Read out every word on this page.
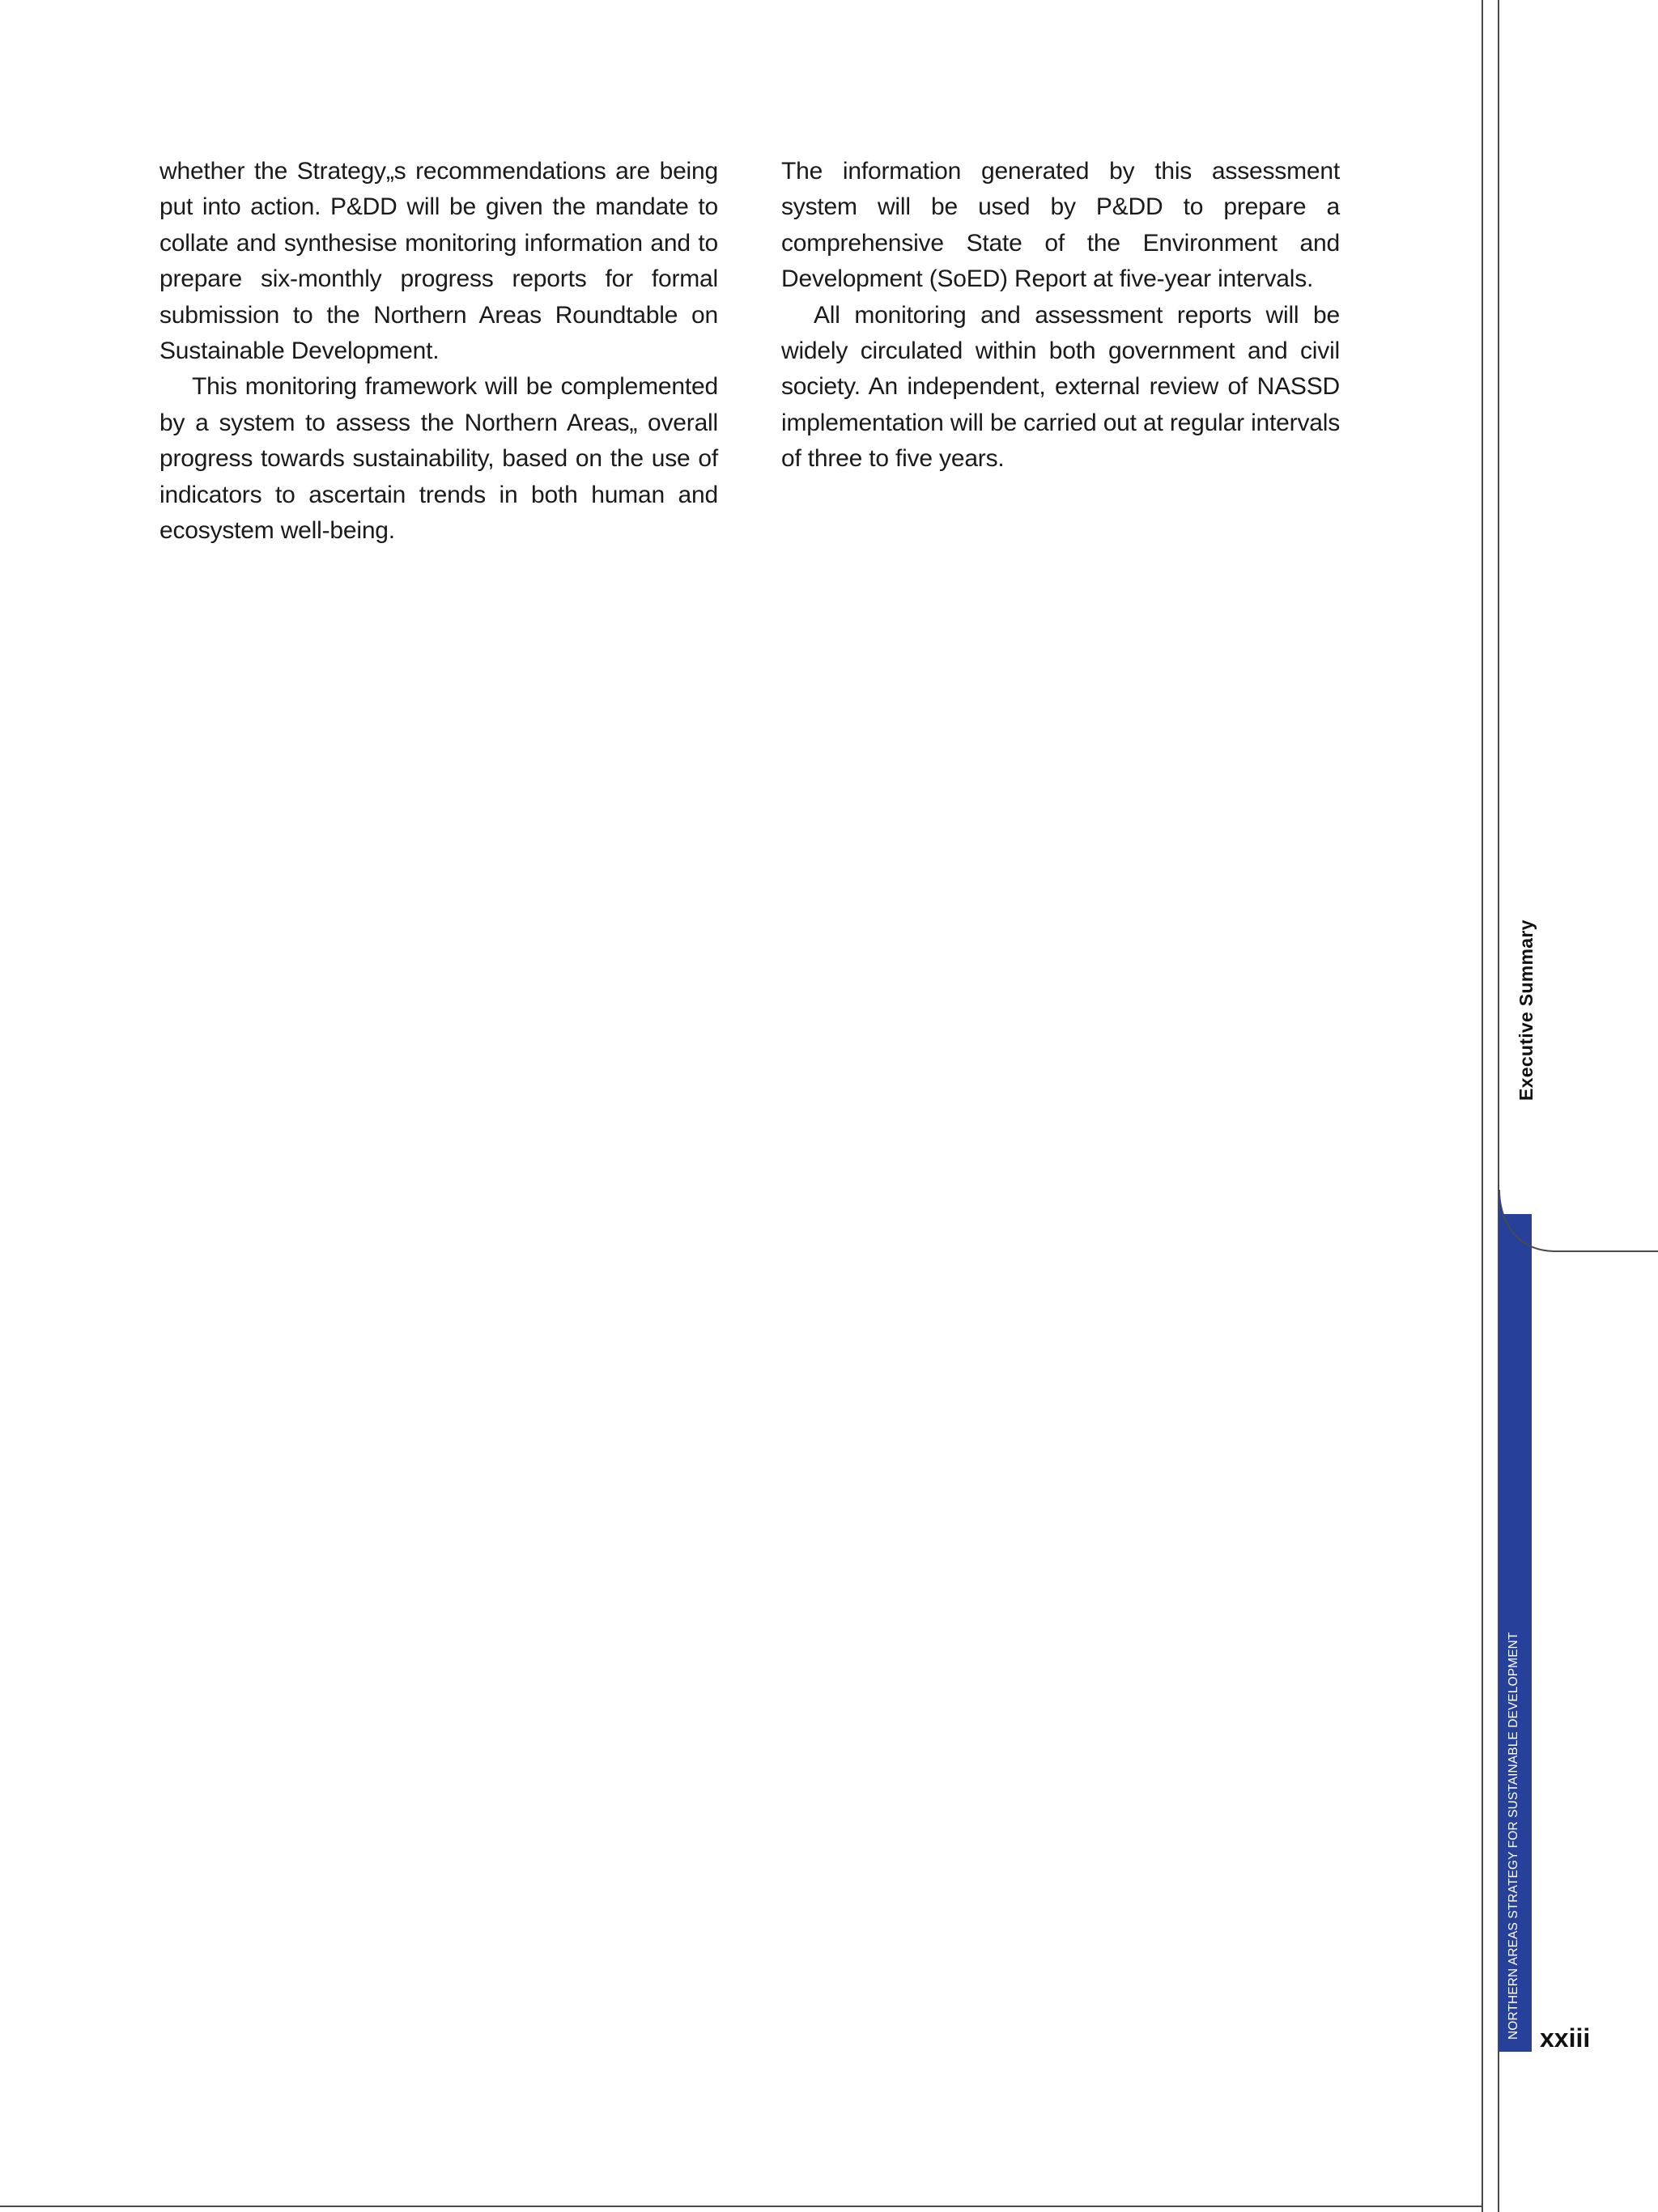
whether the Strategy„s recommendations are being put into action. P&DD will be given the mandate to collate and synthesise monitoring information and to prepare six-monthly progress reports for formal submission to the Northern Areas Roundtable on Sustainable Development.

This monitoring framework will be complemented by a system to assess the Northern Areas„ overall progress towards sustainability, based on the use of indicators to ascertain trends in both human and ecosystem well-being.

The information generated by this assessment system will be used by P&DD to prepare a comprehensive State of the Environment and Development (SoED) Report at five-year intervals.

All monitoring and assessment reports will be widely circulated within both government and civil society. An independent, external review of NASSD implementation will be carried out at regular intervals of three to five years.

Executive Summary
NORTHERN AREAS STRATEGY FOR SUSTAINABLE DEVELOPMENT xxiii
